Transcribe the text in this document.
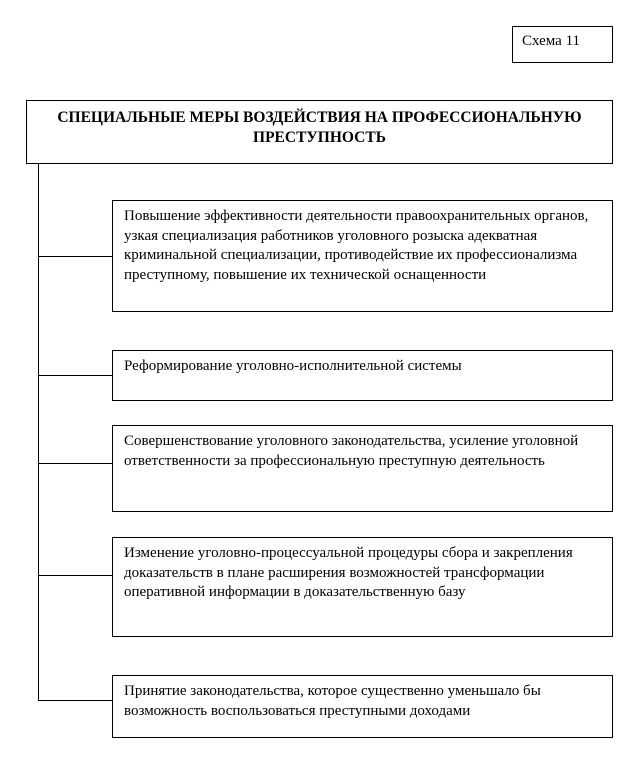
Схема 11
СПЕЦИАЛЬНЫЕ МЕРЫ ВОЗДЕЙСТВИЯ НА ПРОФЕССИОНАЛЬНУЮ ПРЕСТУПНОСТЬ
Повышение эффективности деятельности правоохранительных органов, узкая специализация работников уголовного розыска адекватная криминальной специализации, противодействие их профессионализма преступному, повышение их технической оснащенности
Реформирование уголовно-исполнительной системы
Совершенствование уголовного законодательства, усиление уголовной ответственности за профессиональную преступную деятельность
Изменение уголовно-процессуальной процедуры сбора и закрепления доказательств в плане расширения возможностей трансформации оперативной информации в доказательственную базу
Принятие законодательства, которое существенно уменьшало бы возможность воспользоваться преступными доходами
